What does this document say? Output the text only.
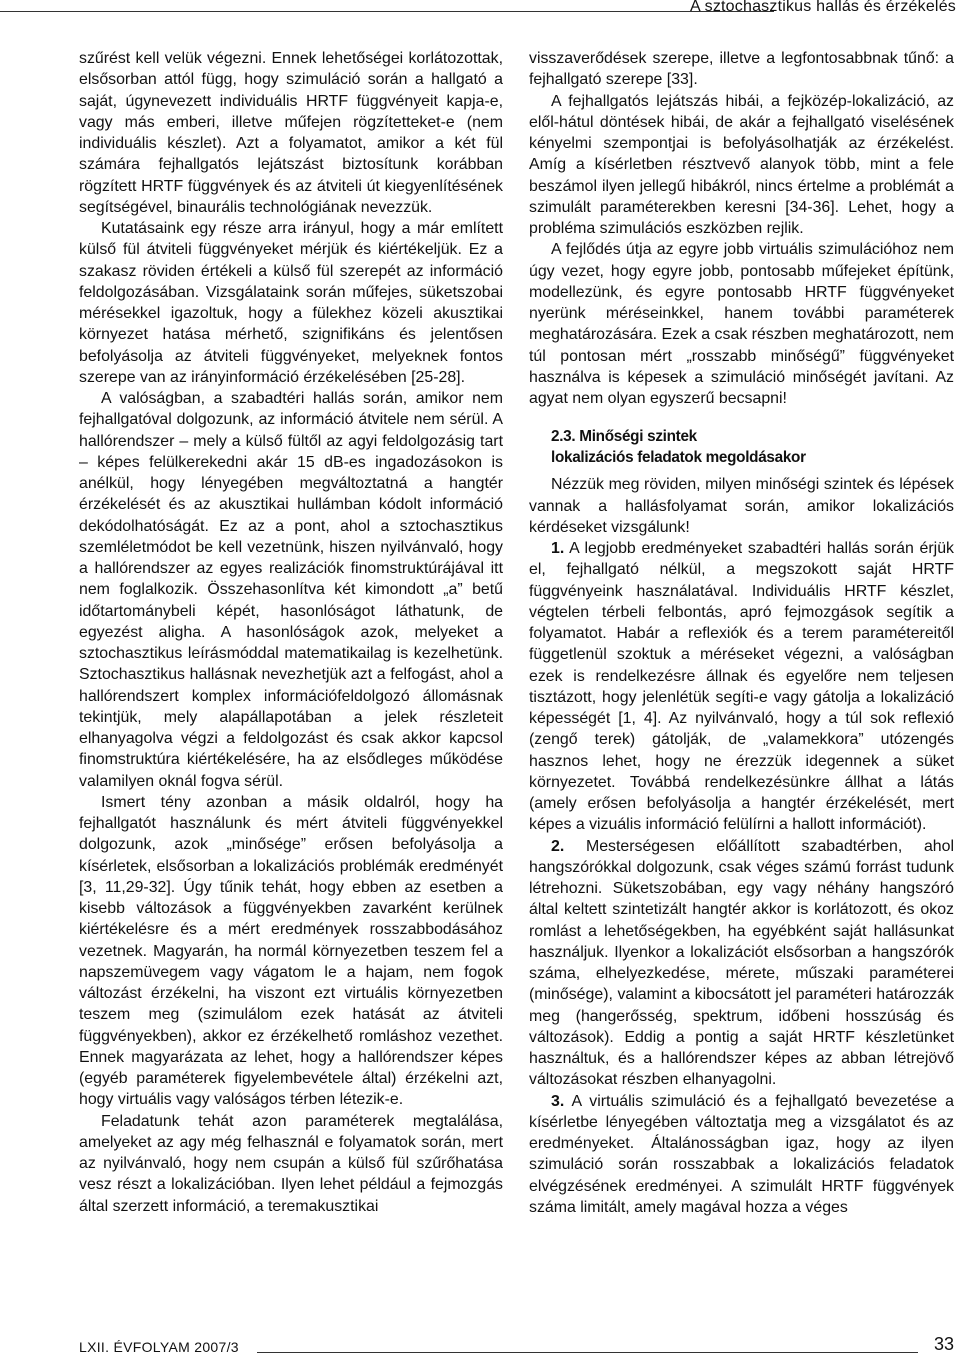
A sztochasztikus hallás és érzékelés

szűrést kell velük végezni. Ennek lehetőségei korlátozottak, elsősorban attól függ, hogy szimuláció során a hallgató a saját, úgynevezett individuális HRTF függvényeit kapja-e, vagy más emberi, illetve műfejen rögzítetteket-e (nem individuális készlet). Azt a folyamatot, amikor a két fül számára fejhallgatós lejátszást biztosítunk korábban rögzített HRTF függvények és az átviteli út kiegyenlítésének segítségével, binaurális technológiának nevezzük.

Kutatásaink egy része arra irányul, hogy a már említett külső fül átviteli függvényeket mérjük és kiértékeljük. Ez a szakasz röviden értékeli a külső fül szerepét az információ feldolgozásában. Vizsgálataink során műfejes, süketszobai mérésekkel igazoltuk, hogy a fülekhez közeli akusztikai környezet hatása mérhető, szignifikáns és jelentősen befolyásolja az átviteli függvényeket, melyeknek fontos szerepe van az irányinformáció érzékelésében [25-28].

A valóságban, a szabadtéri hallás során, amikor nem fejhallgatóval dolgozunk, az információ átvitele nem sérül. A hallórendszer – mely a külső fültől az agyi feldolgozásig tart – képes felülkerekedni akár 15 dB-es ingadozásokon is anélkül, hogy lényegében megváltoztatná a hangtér érzékelését és az akusztikai hullámban kódolt információ dekódolhatóságát. Ez az a pont, ahol a sztochasztikus szemléletmódot be kell vezetnünk, hiszen nyilvánvaló, hogy a hallórendszer az egyes realizációk finomstruktúrájával itt nem foglalkozik. Összehasonlítva két kimondott „a” betű időtartománybeli képét, hasonlóságot láthatunk, de egyezést aligha. A hasonlóságok azok, melyeket a sztochasztikus leírásmóddal matematikailag is kezelhetünk. Sztochasztikus hallásnak nevezhetjük azt a felfogást, ahol a hallórendszert komplex információfeldolgozó állomásnak tekintjük, mely alapállapotában a jelek részleteit elhanyagolva végzi a feldolgozást és csak akkor kapcsol finomstruktúra kiértékelésére, ha az elsődleges működése valamilyen oknál fogva sérül.

Ismert tény azonban a másik oldalról, hogy ha fejhallgatót használunk és mért átviteli függvényekkel dolgozunk, azok „minősége” erősen befolyásolja a kísérletek, elsősorban a lokalizációs problémák eredményét [3, 11,29-32]. Úgy tűnik tehát, hogy ebben az esetben a kisebb változások a függvényekben zavarként kerülnek kiértékelésre és a mért eredmények rosszabbodásához vezetnek. Magyarán, ha normál környezetben teszem fel a napszemüvegem vagy vágatom le a hajam, nem fogok változást érzékelni, ha viszont ezt virtuális környezetben teszem meg (szimulálom ezek hatását az átviteli függvényekben), akkor ez érzékelhető romláshoz vezethet. Ennek magyarázata az lehet, hogy a hallórendszer képes (egyéb paraméterek figyelembevétele által) érzékelni azt, hogy virtuális vagy valóságos térben létezik-e.

Feladatunk tehát azon paraméterek megtalálása, amelyeket az agy még felhasznál e folyamatok során, mert az nyilvánvaló, hogy nem csupán a külső fül szűrőhatása vesz részt a lokalizációban. Ilyen lehet például a fejmozgás által szerzett információ, a teremakusztikai

visszaverődések szerepe, illetve a legfontosabbnak tűnő: a fejhallgató szerepe [33].

A fejhallgatós lejátszás hibái, a fejközép-lokalizáció, az elől-hátul döntések hibái, de akár a fejhallgató viselésének kényelmi szempontjai is befolyásolhatják az érzékelést. Amíg a kísérletben résztvevő alanyok több, mint a fele beszámol ilyen jellegű hibákról, nincs értelme a problémát a szimulált paraméterekben keresni [34-36]. Lehet, hogy a probléma szimulációs eszközben rejlik.

A fejlődés útja az egyre jobb virtuális szimulációhoz nem úgy vezet, hogy egyre jobb, pontosabb műfejeket építünk, modellezünk, és egyre pontosabb HRTF függvényeket nyerünk méréseinkkel, hanem további paraméterek meghatározására. Ezek a csak részben meghatározott, nem túl pontosan mért „rosszabb minőségű” függvényeket használva is képesek a szimuláció minőségét javítani. Az agyat nem olyan egyszerű becsapni!

2.3. Minőségi szintek
lokalizációs feladatok megoldásakor

Nézzük meg röviden, milyen minőségi szintek és lépések vannak a hallásfolyamat során, amikor lokalizációs kérdéseket vizsgálunk!

1. A legjobb eredményeket szabadtéri hallás során érjük el, fejhallgató nélkül, a megszokott saját HRTF függvényeink használatával. Individuális HRTF készlet, végtelen térbeli felbontás, apró fejmozgások segítik a folyamatot. Habár a reflexiók és a terem paramétereitől függetlenül szoktuk a méréseket végezni, a valóságban ezek is rendelkezésre állnak és egyelőre nem teljesen tisztázott, hogy jelenlétük segíti-e vagy gátolja a lokalizáció képességét [1, 4]. Az nyilvánvaló, hogy a túl sok reflexió (zengő terek) gátolják, de „valamekkora” utózengés hasznos lehet, hogy ne érezzük idegennek a süket környezetet. Továbbá rendelkezésünkre állhat a látás (amely erősen befolyásolja a hangtér érzékelését, mert képes a vizuális információ felülírni a hallott információt).

2. Mesterségesen előállított szabadtérben, ahol hangszórókkal dolgozunk, csak véges számú forrást tudunk létrehozni. Süketszobában, egy vagy néhány hangszóró által keltett szintetizált hangtér akkor is korlátozott, és okoz romlást a lehetőségekben, ha egyébként saját hallásunkat használjuk. Ilyenkor a lokalizációt elsősorban a hangszórók száma, elhelyezkedése, mérete, műszaki paraméterei (minősége), valamint a kibocsátott jel paraméteri határozzák meg (hangerősség, spektrum, időbeni hosszúság és változások). Eddig a pontig a saját HRTF készletünket használtuk, és a hallórendszer képes az abban létrejövő változásokat részben elhanyagolni.

3. A virtuális szimuláció és a fejhallgató bevezetése a kísérletbe lényegében változtatja meg a vizsgálatot és az eredményeket. Általánosságban igaz, hogy az ilyen szimuláció során rosszabbak a lokalizációs feladatok elvégzésének eredményei. A szimulált HRTF függvények száma limitált, amely magával hozza a véges

LXII. ÉVFOLYAM 2007/3	33
